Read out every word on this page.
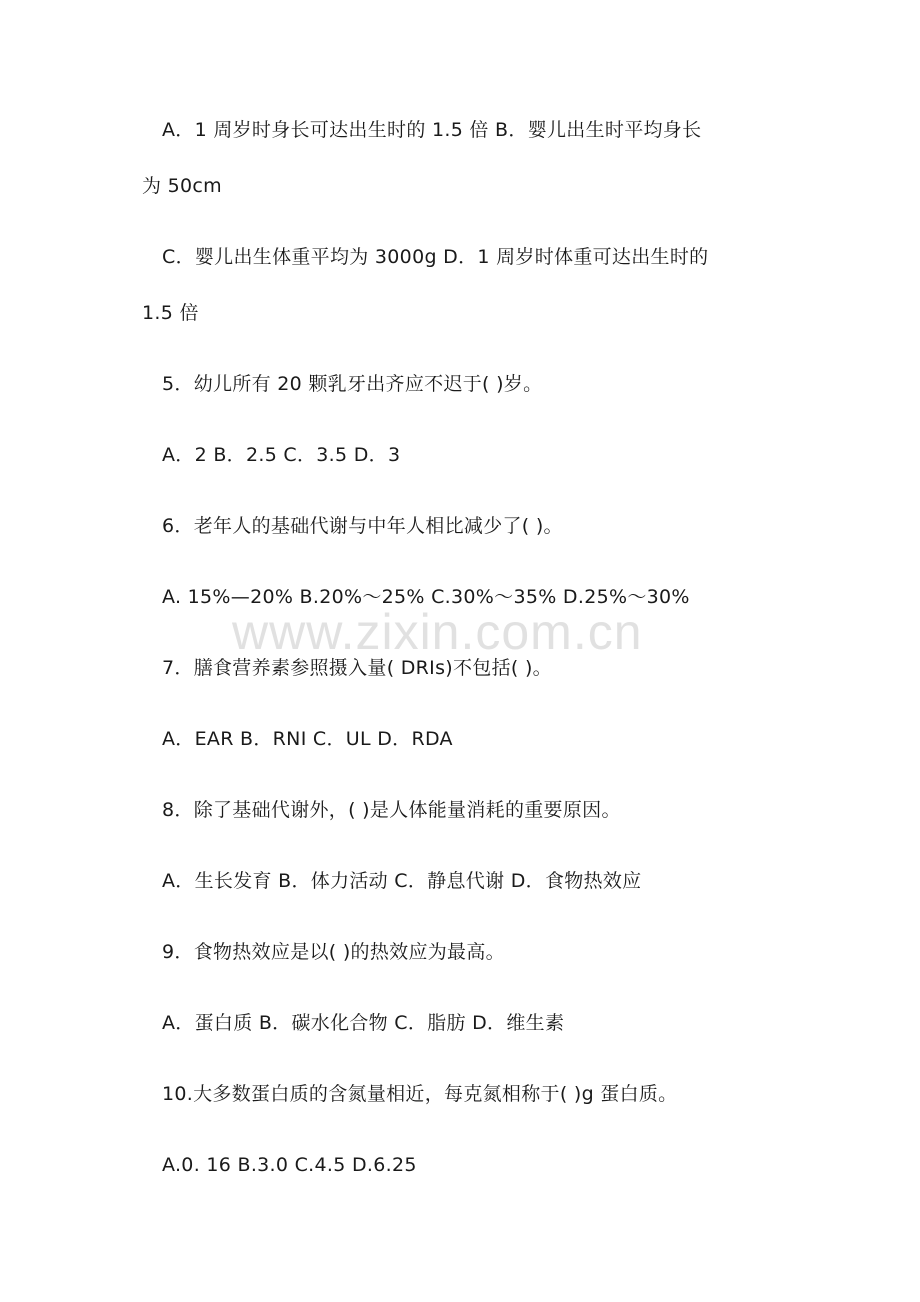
www.zixin.com.cn
A．1 周岁时身长可达出生时的 1.5 倍 B．婴儿出生时平均身长
为 50cm
C．婴儿出生体重平均为 3000g D．1 周岁时体重可达出生时的
1.5 倍
5．幼儿所有 20 颗乳牙出齐应不迟于( )岁。
A．2 B．2.5 C．3.5 D．3
6．老年人的基础代谢与中年人相比减少了( )。
A. 15%—20% B.20%～25% C.30%～35% D.25%～30%
7．膳食营养素参照摄入量( DRIs)不包括( )。
A．EAR B．RNI C．UL D．RDA
8．除了基础代谢外，( )是人体能量消耗的重要原因。
A．生长发育 B．体力活动 C．静息代谢 D．食物热效应
9．食物热效应是以( )的热效应为最高。
A．蛋白质 B．碳水化合物 C．脂肪 D．维生素
10.大多数蛋白质的含氮量相近，每克氮相称于( )g 蛋白质。
A.0. 16 B.3.0 C.4.5 D.6.25
